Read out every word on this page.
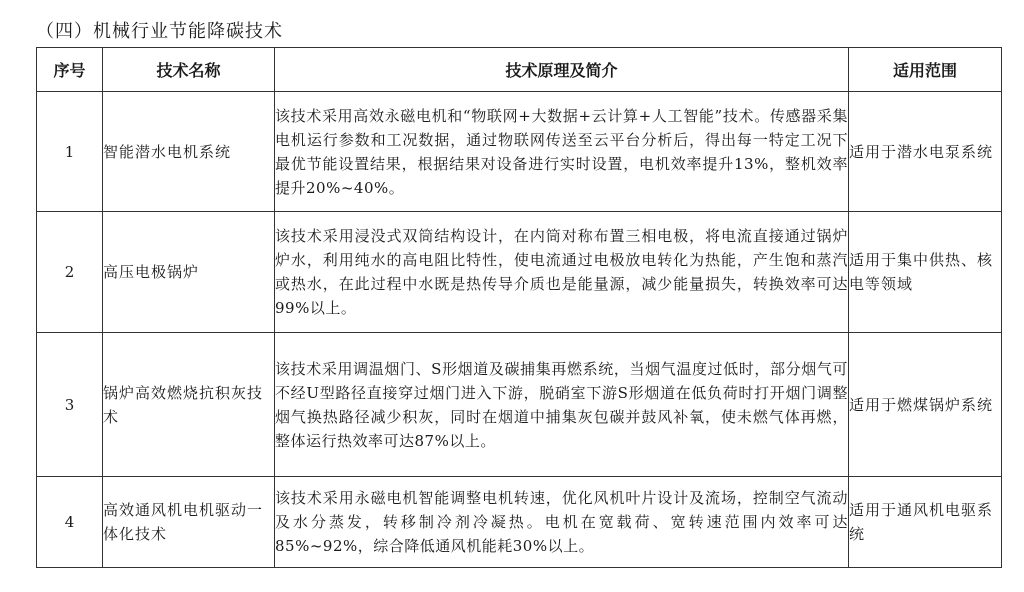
（四）机械行业节能降碳技术
序号	技术名称	技术原理及简介	适用范围
1	智能潜水电机系统	该技术采用高效永磁电机和“物联网+大数据+云计算+人工智能”技术。传感器采集电机运行参数和工况数据，通过物联网传送至云平台分析后，得出每一特定工况下最优节能设置结果，根据结果对设备进行实时设置，电机效率提升13%，整机效率提升20%~40%。	适用于潜水电泵系统
2	高压电极锅炉	该技术采用浸没式双筒结构设计，在内筒对称布置三相电极，将电流直接通过锅炉炉水，利用纯水的高电阻比特性，使电流通过电极放电转化为热能，产生饱和蒸汽或热水，在此过程中水既是热传导介质也是能量源，减少能量损失，转换效率可达99%以上。	适用于集中供热、核电等领域
3	锅炉高效燃烧抗积灰技术	该技术采用调温烟门、S形烟道及碳捕集再燃系统，当烟气温度过低时，部分烟气可不经U型路径直接穿过烟门进入下游，脱硝室下游S形烟道在低负荷时打开烟门调整烟气换热路径减少积灰，同时在烟道中捕集灰包碳并鼓风补氧，使未燃气体再燃，整体运行热效率可达87%以上。	适用于燃煤锅炉系统
4	高效通风机电机驱动一体化技术	该技术采用永磁电机智能调整电机转速，优化风机叶片设计及流场，控制空气流动及水分蒸发，转移制冷剂冷凝热。电机在宽载荷、宽转速范围内效率可达85%~92%，综合降低通风机能耗30%以上。	适用于通风机电驱系统
